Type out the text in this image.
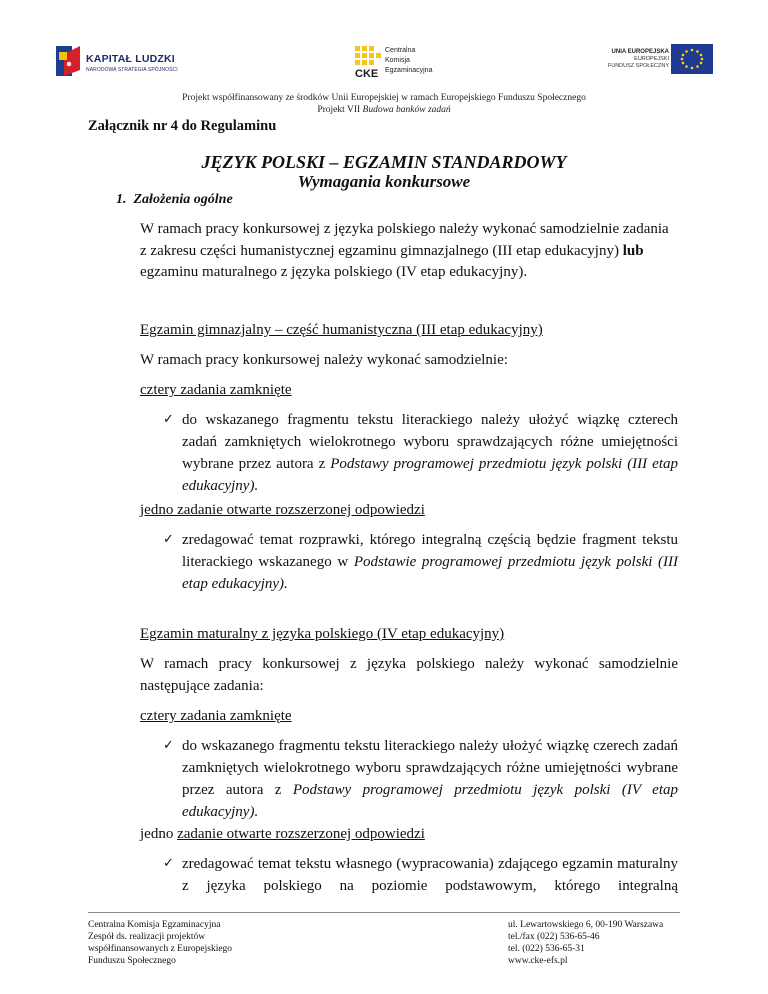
KAPITAŁ LUDZKI
NARODOWA STRATEGIA SPÓJNOŚCI	CKE
Centralna
Komisja
Egzaminacyjna
UNIA EUROPEJSKA
EUROPEJSKI
FUNDUSZ SPOŁECZNY
Projekt współfinansowany ze środków Unii Europejskiej w ramach Europejskiego Funduszu Społecznego
Projekt VII Budowa banków zadań
Załącznik nr 4 do Regulaminu
JĘZYK POLSKI – EGZAMIN STANDARDOWY
Wymagania konkursowe
1.  Założenia ogólne
W ramach pracy konkursowej z języka polskiego należy wykonać samodzielnie zadania z zakresu części humanistycznej egzaminu gimnazjalnego (III etap edukacyjny) lub egzaminu maturalnego z języka polskiego (IV etap edukacyjny).
Egzamin gimnazjalny – część humanistyczna (III etap edukacyjny)
W ramach pracy konkursowej należy wykonać samodzielnie:
cztery zadania zamknięte
✓ do wskazanego fragmentu tekstu literackiego należy ułożyć wiązkę czterech zadań zamkniętych wielokrotnego wyboru sprawdzających różne umiejętności wybrane przez autora z Podstawy programowej przedmiotu język polski (III etap edukacyjny).
jedno zadanie otwarte rozszerzonej odpowiedzi
✓ zredagować temat rozprawki, którego integralną częścią będzie fragment tekstu literackiego wskazanego w Podstawie programowej przedmiotu język polski (III etap edukacyjny).
Egzamin maturalny z języka polskiego (IV etap edukacyjny)
W ramach pracy konkursowej z języka polskiego należy wykonać samodzielnie następujące zadania:
cztery zadania zamknięte
✓ do wskazanego fragmentu tekstu literackiego należy ułożyć wiązkę czerech zadań zamkniętych wielokrotnego wyboru sprawdzających różne umiejętności wybrane przez autora z Podstawy programowej przedmiotu język polski (IV etap edukacyjny).
jedno zadanie otwarte rozszerzonej odpowiedzi
✓ zredagować temat tekstu własnego (wypracowania) zdającego egzamin maturalny z języka polskiego na poziomie podstawowym, którego integralną
Centralna Komisja Egzaminacyjna
Zespół ds. realizacji projektów
współfinansowanych z Europejskiego
Funduszu Społecznego
ul. Lewartowskiego 6, 00-190 Warszawa
tel./fax (022) 536-65-46
tel. (022) 536-65-31
www.cke-efs.pl
